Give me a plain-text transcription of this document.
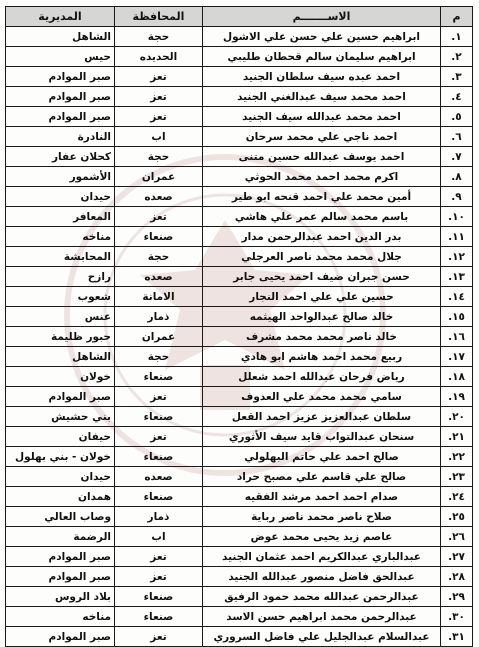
م	الاســـــــم	المحافظة	المديرية
١.	ابراهيم حسين علي حسن علي الاشول	حجة	الشاهل
٢.	ابراهيم سليمان سالم قحطان طليبي	الحديده	حيس
٣.	احمد عبده سيف سلطان الجنيد	تعز	صبر الموادم
٤.	احمد محمد سيف عبدالغني الجنيد	تعز	صبر الموادم
٥.	احمد محمد عبدالله سيف الجنيد	تعز	صبر الموادم
٦.	احمد ناجي علي محمد سرحان	اب	النادرة
٧.	احمد يوسف عبدالله حسين متنى	حجة	كحلان عفار
٨.	اكرم محمد احمد محمد الحوثي	عمران	الأشمور
٩.	أمين محمد علي احمد قنحه ابو طير	صعده	حيدان
١٠.	باسم محمد سالم عمر علي هاشي	تعز	المعافر
١١.	بدر الدين احمد عبدالرحمن مدار	صنعاء	مناخه
١٢.	جلال محمد محمد ناصر العرجلي	حجة	المحابشة
١٣.	حسن جبران ضيف احمد يحيى جابر	صعده	رازح
١٤.	حسين علي علي احمد النجار	الامانة	شعوب
١٥.	خالد صالح عبدالواحد الهيثمه	ذمار	عنس
١٦.	خالد ناصر محمد محمد مشرف	عمران	حبور ظليمة
١٧.	ربيع محمد احمد هاشم ابو هادي	حجة	الشاهل
١٨.	رياض فرحان عبدالله احمد شعلل	صنعاء	خولان
١٩.	سامي محمد محمد علي العدوف	تعز	صبر الموادم
٢٠.	سلطان عبدالعزيز عزيز احمد القعل	صنعاء	بني حشيش
٢١.	سنحان عبدالتواب قايد سيف الأثوري	تعز	حيفان
٢٢.	صالح احمد علي حاتم البهلولي	صنعاء	خولان - بني بهلول
٢٣.	صالح علي قاسم علي مصبح حراد	صعده	حيدان
٢٤.	صدام احمد احمد مرشد الفقيه	صنعاء	همدان
٢٥.	صلاح ناصر محمد ناصر رباية	ذمار	وصاب العالي
٢٦.	عاصم زيد يحيى محمد عوض	اب	الرضمة
٢٧.	عبدالباري عبدالكريم احمد عثمان الجنيد	تعز	صبر الموادم
٢٨.	عبدالحق فاضل منصور عبدالله الجنيد	تعز	صبر الموادم
٢٩.	عبدالرحمن عبدالله محمد حمود الرفيق	صنعاء	بلاد الروس
٣٠.	عبدالرحمن محمد ابراهيم حسن الاسد	صنعاء	مناخه
٣١.	عبدالسلام عبدالجليل علي فاضل السروري	تعز	صبر الموادم
